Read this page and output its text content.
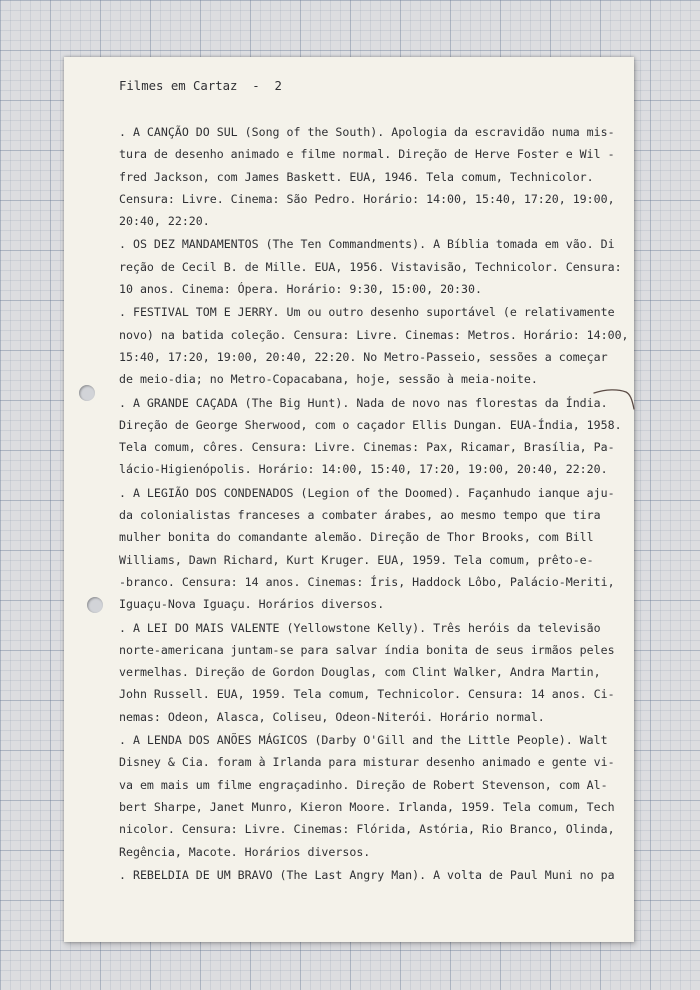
Filmes em Cartaz  -  2
. A CANÇÃO DO SUL (Song of the South). Apologia da escravidão numa mis-
tura de desenho animado e filme normal. Direção de Herve Foster e Wil -
fred Jackson, com James Baskett. EUA, 1946. Tela comum, Technicolor.
Censura: Livre. Cinema: São Pedro. Horário: 14:00, 15:40, 17:20, 19:00,
20:40, 22:20.
. OS DEZ MANDAMENTOS (The Ten Commandments). A Bíblia tomada em vão. Di
reção de Cecil B. de Mille. EUA, 1956. Vistavisão, Technicolor. Censura:
10 anos. Cinema: Ópera. Horário: 9:30, 15:00, 20:30.
. FESTIVAL TOM E JERRY. Um ou outro desenho suportável (e relativamente
novo) na batida coleção. Censura: Livre. Cinemas: Metros. Horário: 14:00,
15:40, 17:20, 19:00, 20:40, 22:20. No Metro-Passeio, sessões a começar
de meio-dia; no Metro-Copacabana, hoje, sessão à meia-noite.
. A GRANDE CAÇADA (The Big Hunt). Nada de novo nas florestas da Índia.
Direção de George Sherwood, com o caçador Ellis Dungan. EUA-Índia, 1958.
Tela comum, côres. Censura: Livre. Cinemas: Pax, Ricamar, Brasília, Pa-
lácio-Higienópolis. Horário: 14:00, 15:40, 17:20, 19:00, 20:40, 22:20.
. A LEGIÃO DOS CONDENADOS (Legion of the Doomed). Façanhudo ianque aju-
da colonialistas franceses a combater árabes, ao mesmo tempo que tira
mulher bonita do comandante alemão. Direção de Thor Brooks, com Bill
Williams, Dawn Richard, Kurt Kruger. EUA, 1959. Tela comum, prêto-e-
-branco. Censura: 14 anos. Cinemas: Íris, Haddock Lôbo, Palácio-Meriti,
Iguaçu-Nova Iguaçu. Horários diversos.
. A LEI DO MAIS VALENTE (Yellowstone Kelly). Três heróis da televisão
norte-americana juntam-se para salvar índia bonita de seus irmãos peles
vermelhas. Direção de Gordon Douglas, com Clint Walker, Andra Martin,
John Russell. EUA, 1959. Tela comum, Technicolor. Censura: 14 anos. Ci-
nemas: Odeon, Alasca, Coliseu, Odeon-Niterói. Horário normal.
. A LENDA DOS ANÕES MÁGICOS (Darby O'Gill and the Little People). Walt
Disney & Cia. foram à Irlanda para misturar desenho animado e gente vi-
va em mais um filme engraçadinho. Direção de Robert Stevenson, com Al-
bert Sharpe, Janet Munro, Kieron Moore. Irlanda, 1959. Tela comum, Tech
nicolor. Censura: Livre. Cinemas: Flórida, Astória, Rio Branco, Olinda,
Regência, Macote. Horários diversos.
. REBELDIA DE UM BRAVO (The Last Angry Man). A volta de Paul Muni no pa
